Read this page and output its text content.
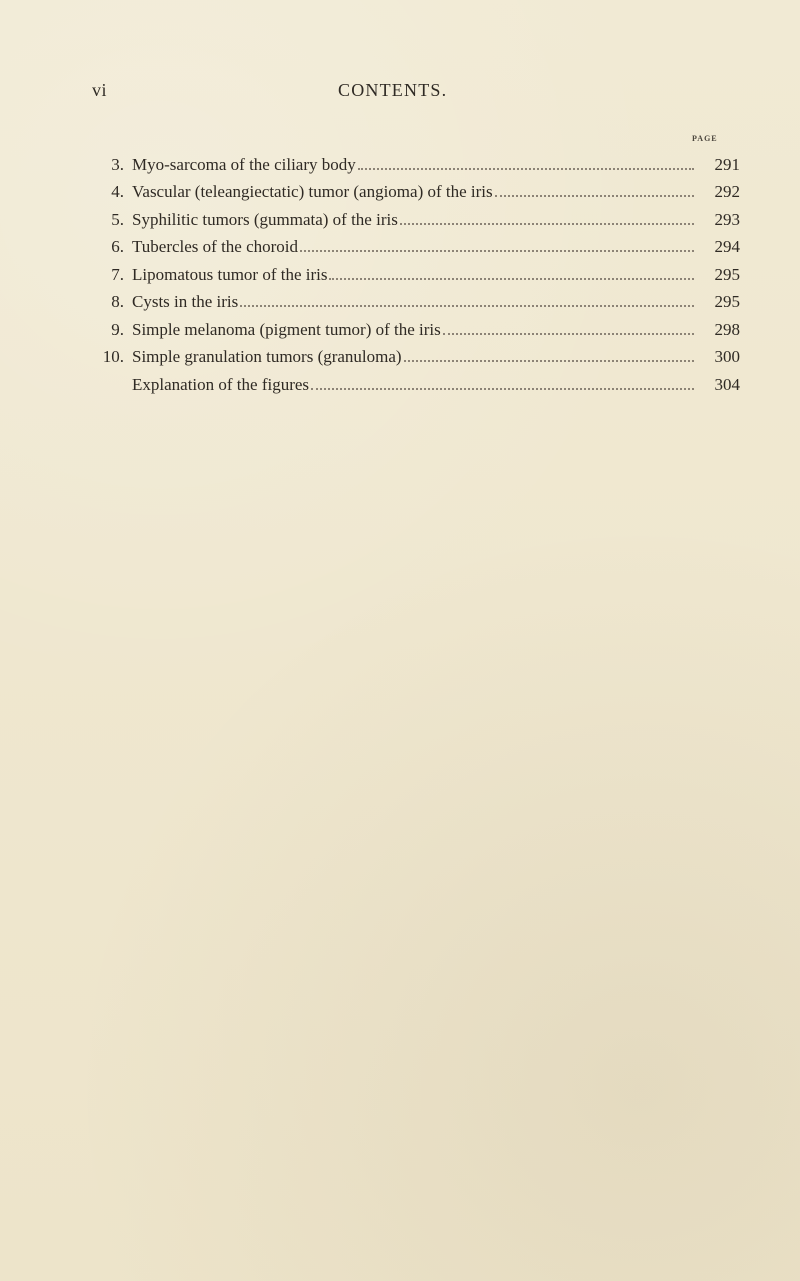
vi	CONTENTS.
PAGE
3. Myo-sarcoma of the ciliary body	291
4. Vascular (teleangiectatic) tumor (angioma) of the iris	292
5. Syphilitic tumors (gummata) of the iris	293
6. Tubercles of the choroid	294
7. Lipomatous tumor of the iris	295
8. Cysts in the iris	295
9. Simple melanoma (pigment tumor) of the iris	298
10. Simple granulation tumors (granuloma)	300
Explanation of the figures	304
